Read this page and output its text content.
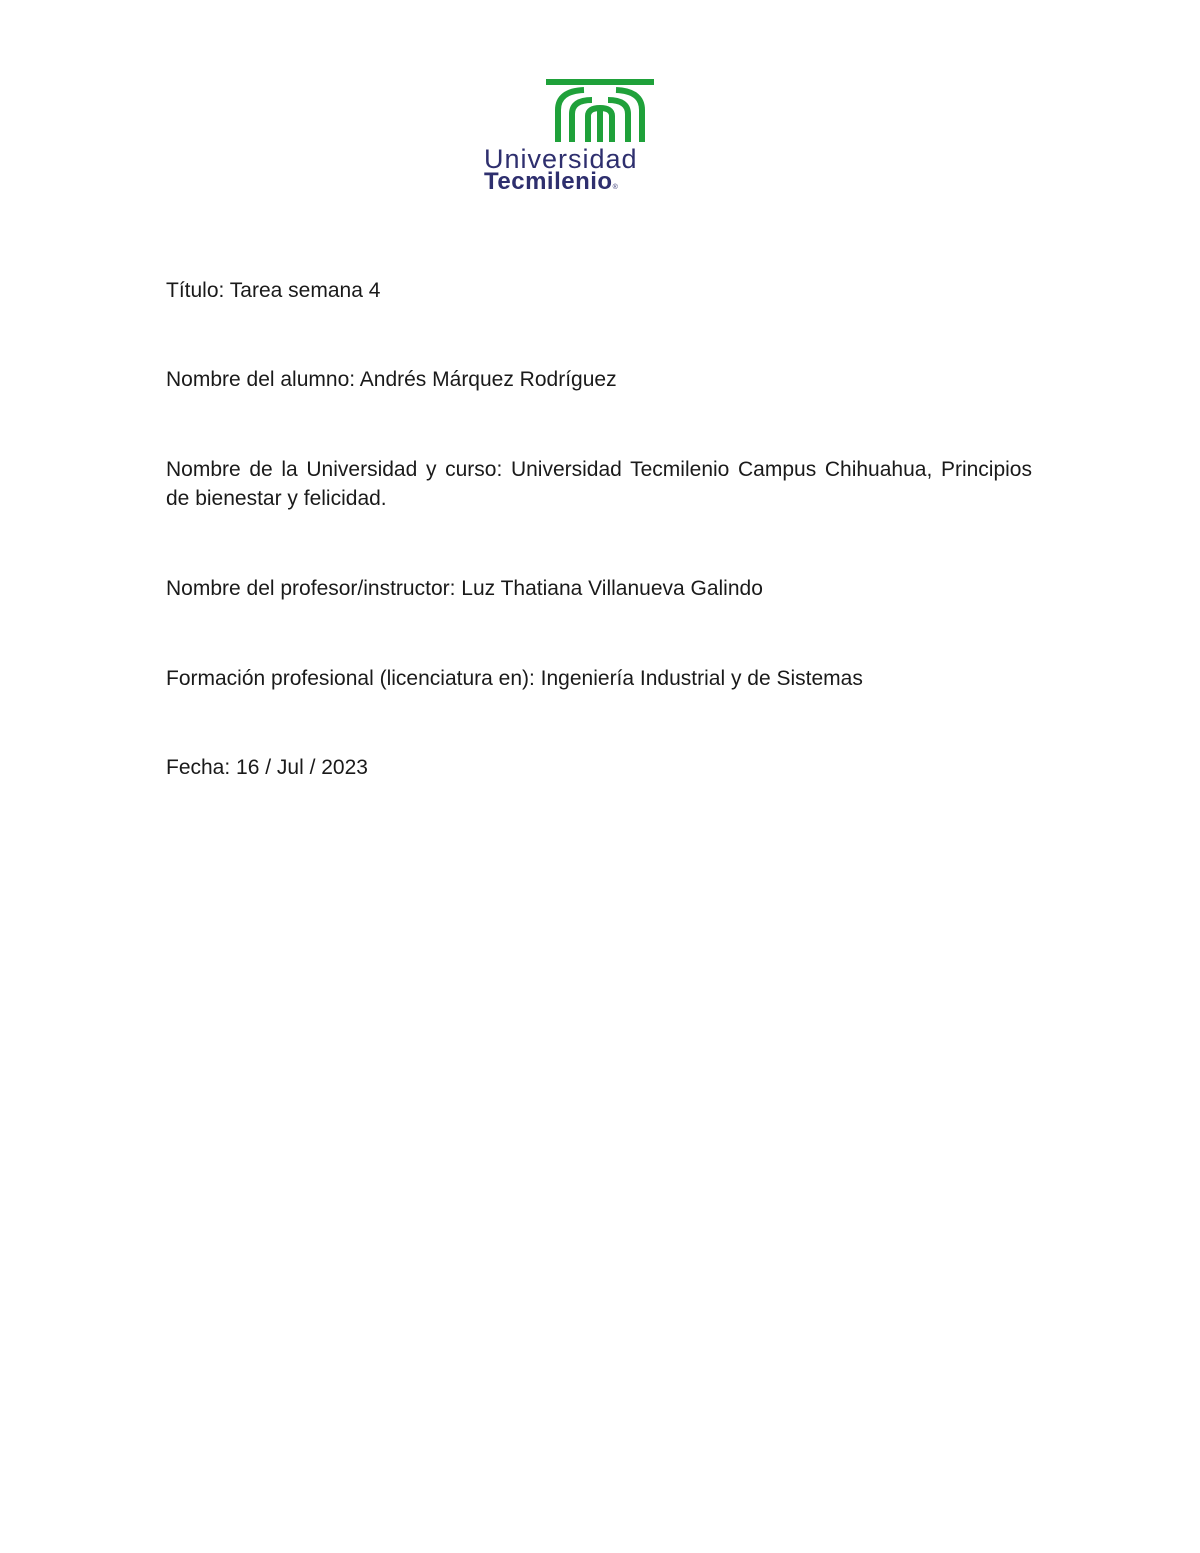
Universidad
Tecmilenio®

Título: Tarea semana 4

Nombre del alumno: Andrés Márquez Rodríguez

Nombre de la Universidad y curso: Universidad Tecmilenio Campus Chihuahua, Principios de bienestar y felicidad.

Nombre del profesor/instructor: Luz Thatiana Villanueva Galindo

Formación profesional (licenciatura en): Ingeniería Industrial y de Sistemas

Fecha: 16 / Jul / 2023
